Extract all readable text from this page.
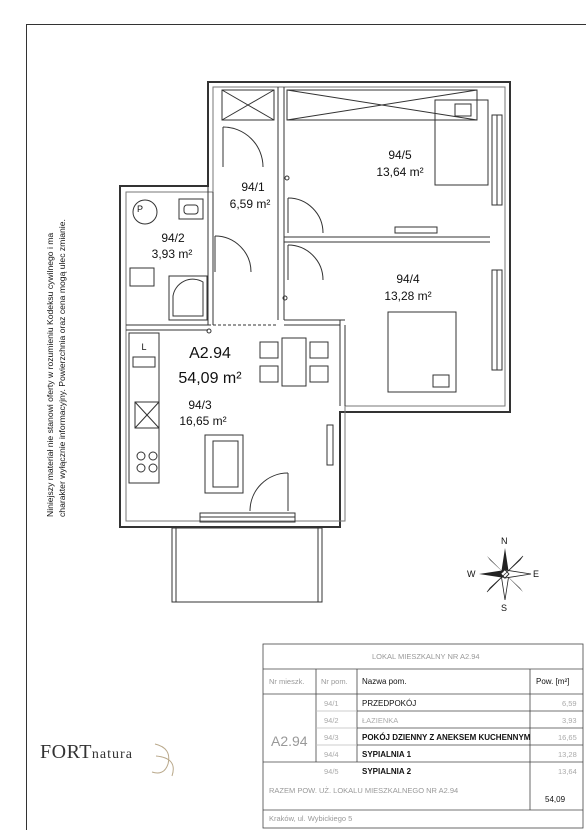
94/1
6,59 m²
94/2
3,93 m²
94/5
13,64 m²
94/4
13,28 m²
94/3
16,65 m²
P
L	A2.94
54,09 m²
Niniejszy materiał nie stanowi oferty w rozumieniu Kodeksu cywilnego i ma charakter wyłącznie informacyjny. Powierzchnia oraz cena mogą ulec zmianie.
N
S
E
W
FORTnatura
LOKAL MIESZKALNY NR A2.94
Nr mieszk. Nr pom. Nazwa pom.	Pow. [m²]
A2.94
94/1	PRZEDPOKÓJ	6,59
94/2	ŁAZIENKA	3,93
94/3	POKÓJ DZIENNY Z ANEKSEM KUCHENNYM	16,65
94/4	SYPIALNIA 1	13,28
94/5	SYPIALNIA 2	13,64
RAZEM POW. UŻ. LOKALU MIESZKALNEGO NR A2.94
54,09
Kraków, ul. Wybickiego 5
